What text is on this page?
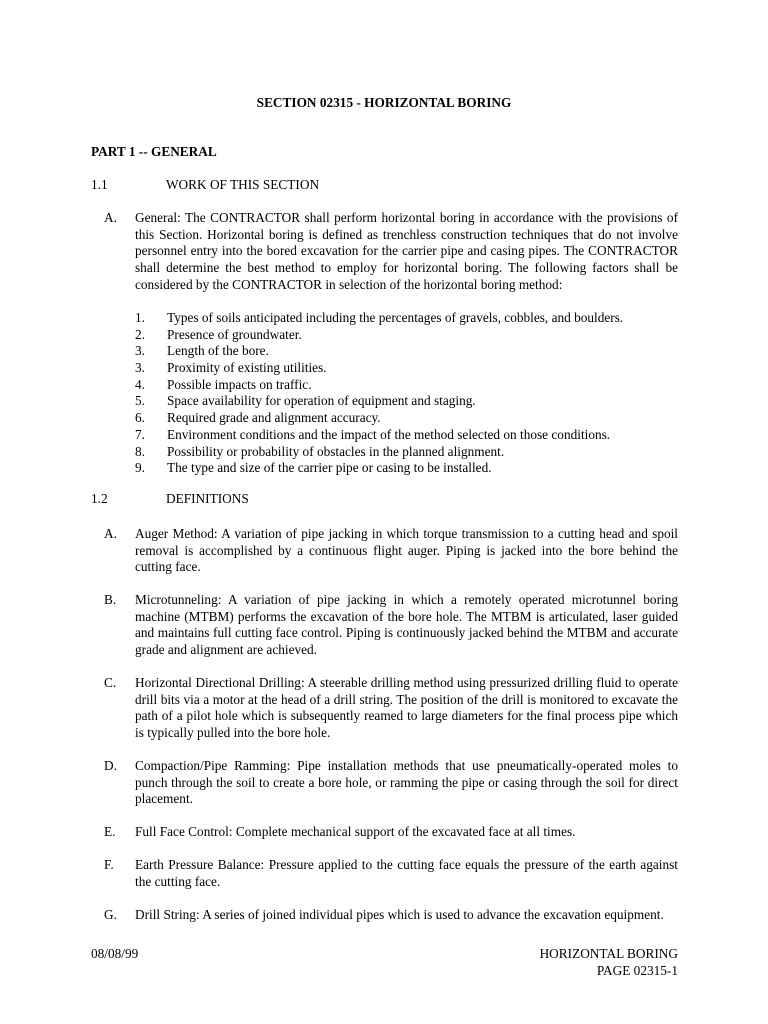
SECTION 02315 - HORIZONTAL BORING
PART 1 -- GENERAL
1.1	WORK OF THIS SECTION
A. General: The CONTRACTOR shall perform horizontal boring in accordance with the provisions of this Section. Horizontal boring is defined as trenchless construction techniques that do not involve personnel entry into the bored excavation for the carrier pipe and casing pipes. The CONTRACTOR shall determine the best method to employ for horizontal boring. The following factors shall be considered by the CONTRACTOR in selection of the horizontal boring method:
1. Types of soils anticipated including the percentages of gravels, cobbles, and boulders.
2. Presence of groundwater.
3. Length of the bore.
3. Proximity of existing utilities.
4. Possible impacts on traffic.
5. Space availability for operation of equipment and staging.
6. Required grade and alignment accuracy.
7. Environment conditions and the impact of the method selected on those conditions.
8. Possibility or probability of obstacles in the planned alignment.
9. The type and size of the carrier pipe or casing to be installed.
1.2	DEFINITIONS
A. Auger Method: A variation of pipe jacking in which torque transmission to a cutting head and spoil removal is accomplished by a continuous flight auger. Piping is jacked into the bore behind the cutting face.
B. Microtunneling: A variation of pipe jacking in which a remotely operated microtunnel boring machine (MTBM) performs the excavation of the bore hole. The MTBM is articulated, laser guided and maintains full cutting face control. Piping is continuously jacked behind the MTBM and accurate grade and alignment are achieved.
C. Horizontal Directional Drilling: A steerable drilling method using pressurized drilling fluid to operate drill bits via a motor at the head of a drill string. The position of the drill is monitored to excavate the path of a pilot hole which is subsequently reamed to large diameters for the final process pipe which is typically pulled into the bore hole.
D. Compaction/Pipe Ramming: Pipe installation methods that use pneumatically-operated moles to punch through the soil to create a bore hole, or ramming the pipe or casing through the soil for direct placement.
E. Full Face Control: Complete mechanical support of the excavated face at all times.
F. Earth Pressure Balance: Pressure applied to the cutting face equals the pressure of the earth against the cutting face.
G. Drill String: A series of joined individual pipes which is used to advance the excavation equipment.
08/08/99	HORIZONTAL BORING
PAGE 02315-1
